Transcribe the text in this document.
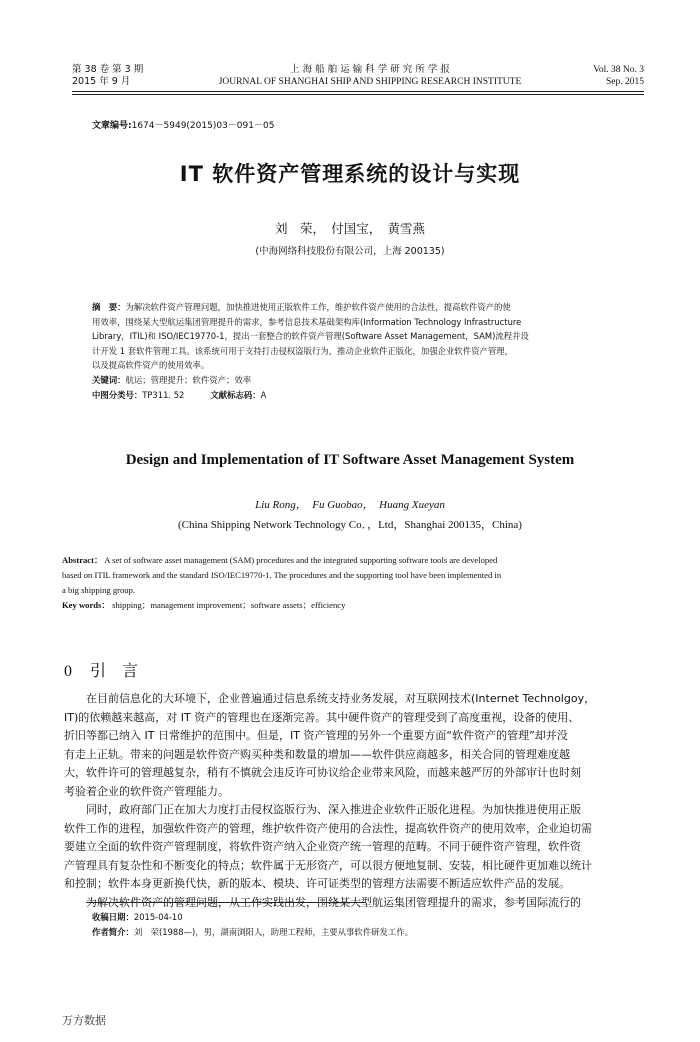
第 38 卷 第 3 期
2015 年 9 月
上 海 船 舶 运 输 科 学 研 究 所 学 报
JOURNAL OF SHANGHAI SHIP AND SHIPPING RESEARCH INSTITUTE
Vol. 38 No. 3
Sep. 2015
文章编号:1674－5949(2015)03－091－05
IT 软件资产管理系统的设计与实现
刘　荣，　付国宝，　黄雪燕
(中海网络科技股份有限公司，上海 200135)
摘　要：为解决软件资产管理问题，加快推进使用正版软件工作，维护软件资产使用的合法性，提高软件资产的使
用效率，围绕某大型航运集团管理提升的需求，参考信息技术基础架构库(Information Technology Infrastructure
Library，ITIL)和 ISO/IEC19770-1，提出一套整合的软件资产管理(Software Asset Management，SAM)流程并设
计开发 1 套软件管理工具。该系统可用于支持打击侵权盗版行为，推动企业软件正版化，加强企业软件资产管理，
以及提高软件资产的使用效率。
关键词：航运；管理提升；软件资产；效率
中图分类号：TP311. 52	文献标志码：A
Design and Implementation of IT Software Asset Management System
Liu Rong，　Fu Guobao，　Huang Xueyan
(China Shipping Network Technology Co．，Ltd，Shanghai 200135，China)
Abstract： A set of software asset management (SAM) procedures and the integrated supporting software tools are developed
based on ITIL framework and the standard ISO/IEC19770-1. The procedures and the supporting tool have been implemented in
a big shipping group.
Key words： shipping；management improvement；software assets；efficiency
0 引　言
在目前信息化的大环境下，企业普遍通过信息系统支持业务发展，对互联网技术(Internet Technolgoy，
IT)的依赖越来越高，对 IT 资产的管理也在逐渐完善。其中硬件资产的管理受到了高度重视，设备的使用、
折旧等都已纳入 IT 日常维护的范围中。但是，IT 资产管理的另外一个重要方面“软件资产的管理”却并没
有走上正轨。带来的问题是软件资产购买种类和数量的增加——软件供应商越多，相关合同的管理难度越
大，软件许可的管理越复杂，稍有不慎就会违反许可协议给企业带来风险，而越来越严厉的外部审计也时刻
考验着企业的软件资产管理能力。
同时，政府部门正在加大力度打击侵权盗版行为、深入推进企业软件正版化进程。为加快推进使用正版
软件工作的进程，加强软件资产的管理，维护软件资产使用的合法性，提高软件资产的使用效率，企业迫切需
要建立全面的软件资产管理制度，将软件资产纳入企业资产统一管理的范畴。不同于硬件资产管理，软件资
产管理具有复杂性和不断变化的特点；软件属于无形资产，可以很方便地复制、安装，相比硬件更加难以统计
和控制；软件本身更新换代快，新的版本、模块、许可证类型的管理方法需要不断适应软件产品的发展。
为解决软件资产的管理问题，从工作实践出发，围绕某大型航运集团管理提升的需求，参考国际流行的
收稿日期：2015-04-10
作者简介：刘　荣(1988—)，男，湖南浏阳人，助理工程师，主要从事软件研发工作。
万方数据
